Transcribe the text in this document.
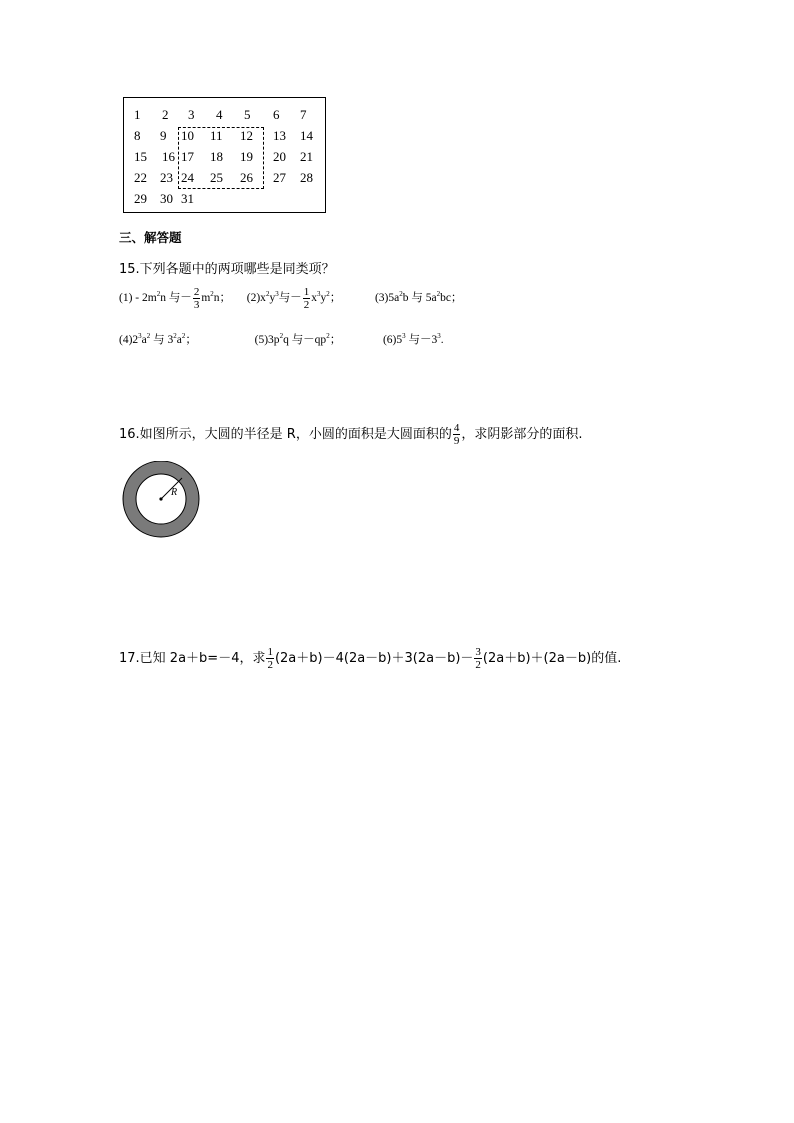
1 2 3 4 5 6 7
8 9 10 11 12 13 14
15 16 17 18 19 20 21
22 23 24 25 26 27 28
29 30 31
三、解答题
15.下列各题中的两项哪些是同类项？
$(1) - 2m^2n$ 与－ $\frac{2}{3} m^2n$； $(2)x^2y^3$与－ $\frac{1}{2} x^3y^2$；	$(3)5a^2b$ 与 $5a^2bc$；
$(4)2^3a^2$ 与 $3^2a^2$；	$(5)3p^2q$ 与$-qp^2$；	$(6)5^3$ 与$-3^3$.
16.如图所示，大圆的半径是 R，小圆的面积是大圆面积的 $\frac{4}{9}$ ，求阴影部分的面积.
R
17.已知 2a＋b=－4，求 $\frac{1}{2} (2a+b)-4(2a-b)+3(2a-b)- \frac{3}{2} (2a+b)+(2a-b)$的值.
